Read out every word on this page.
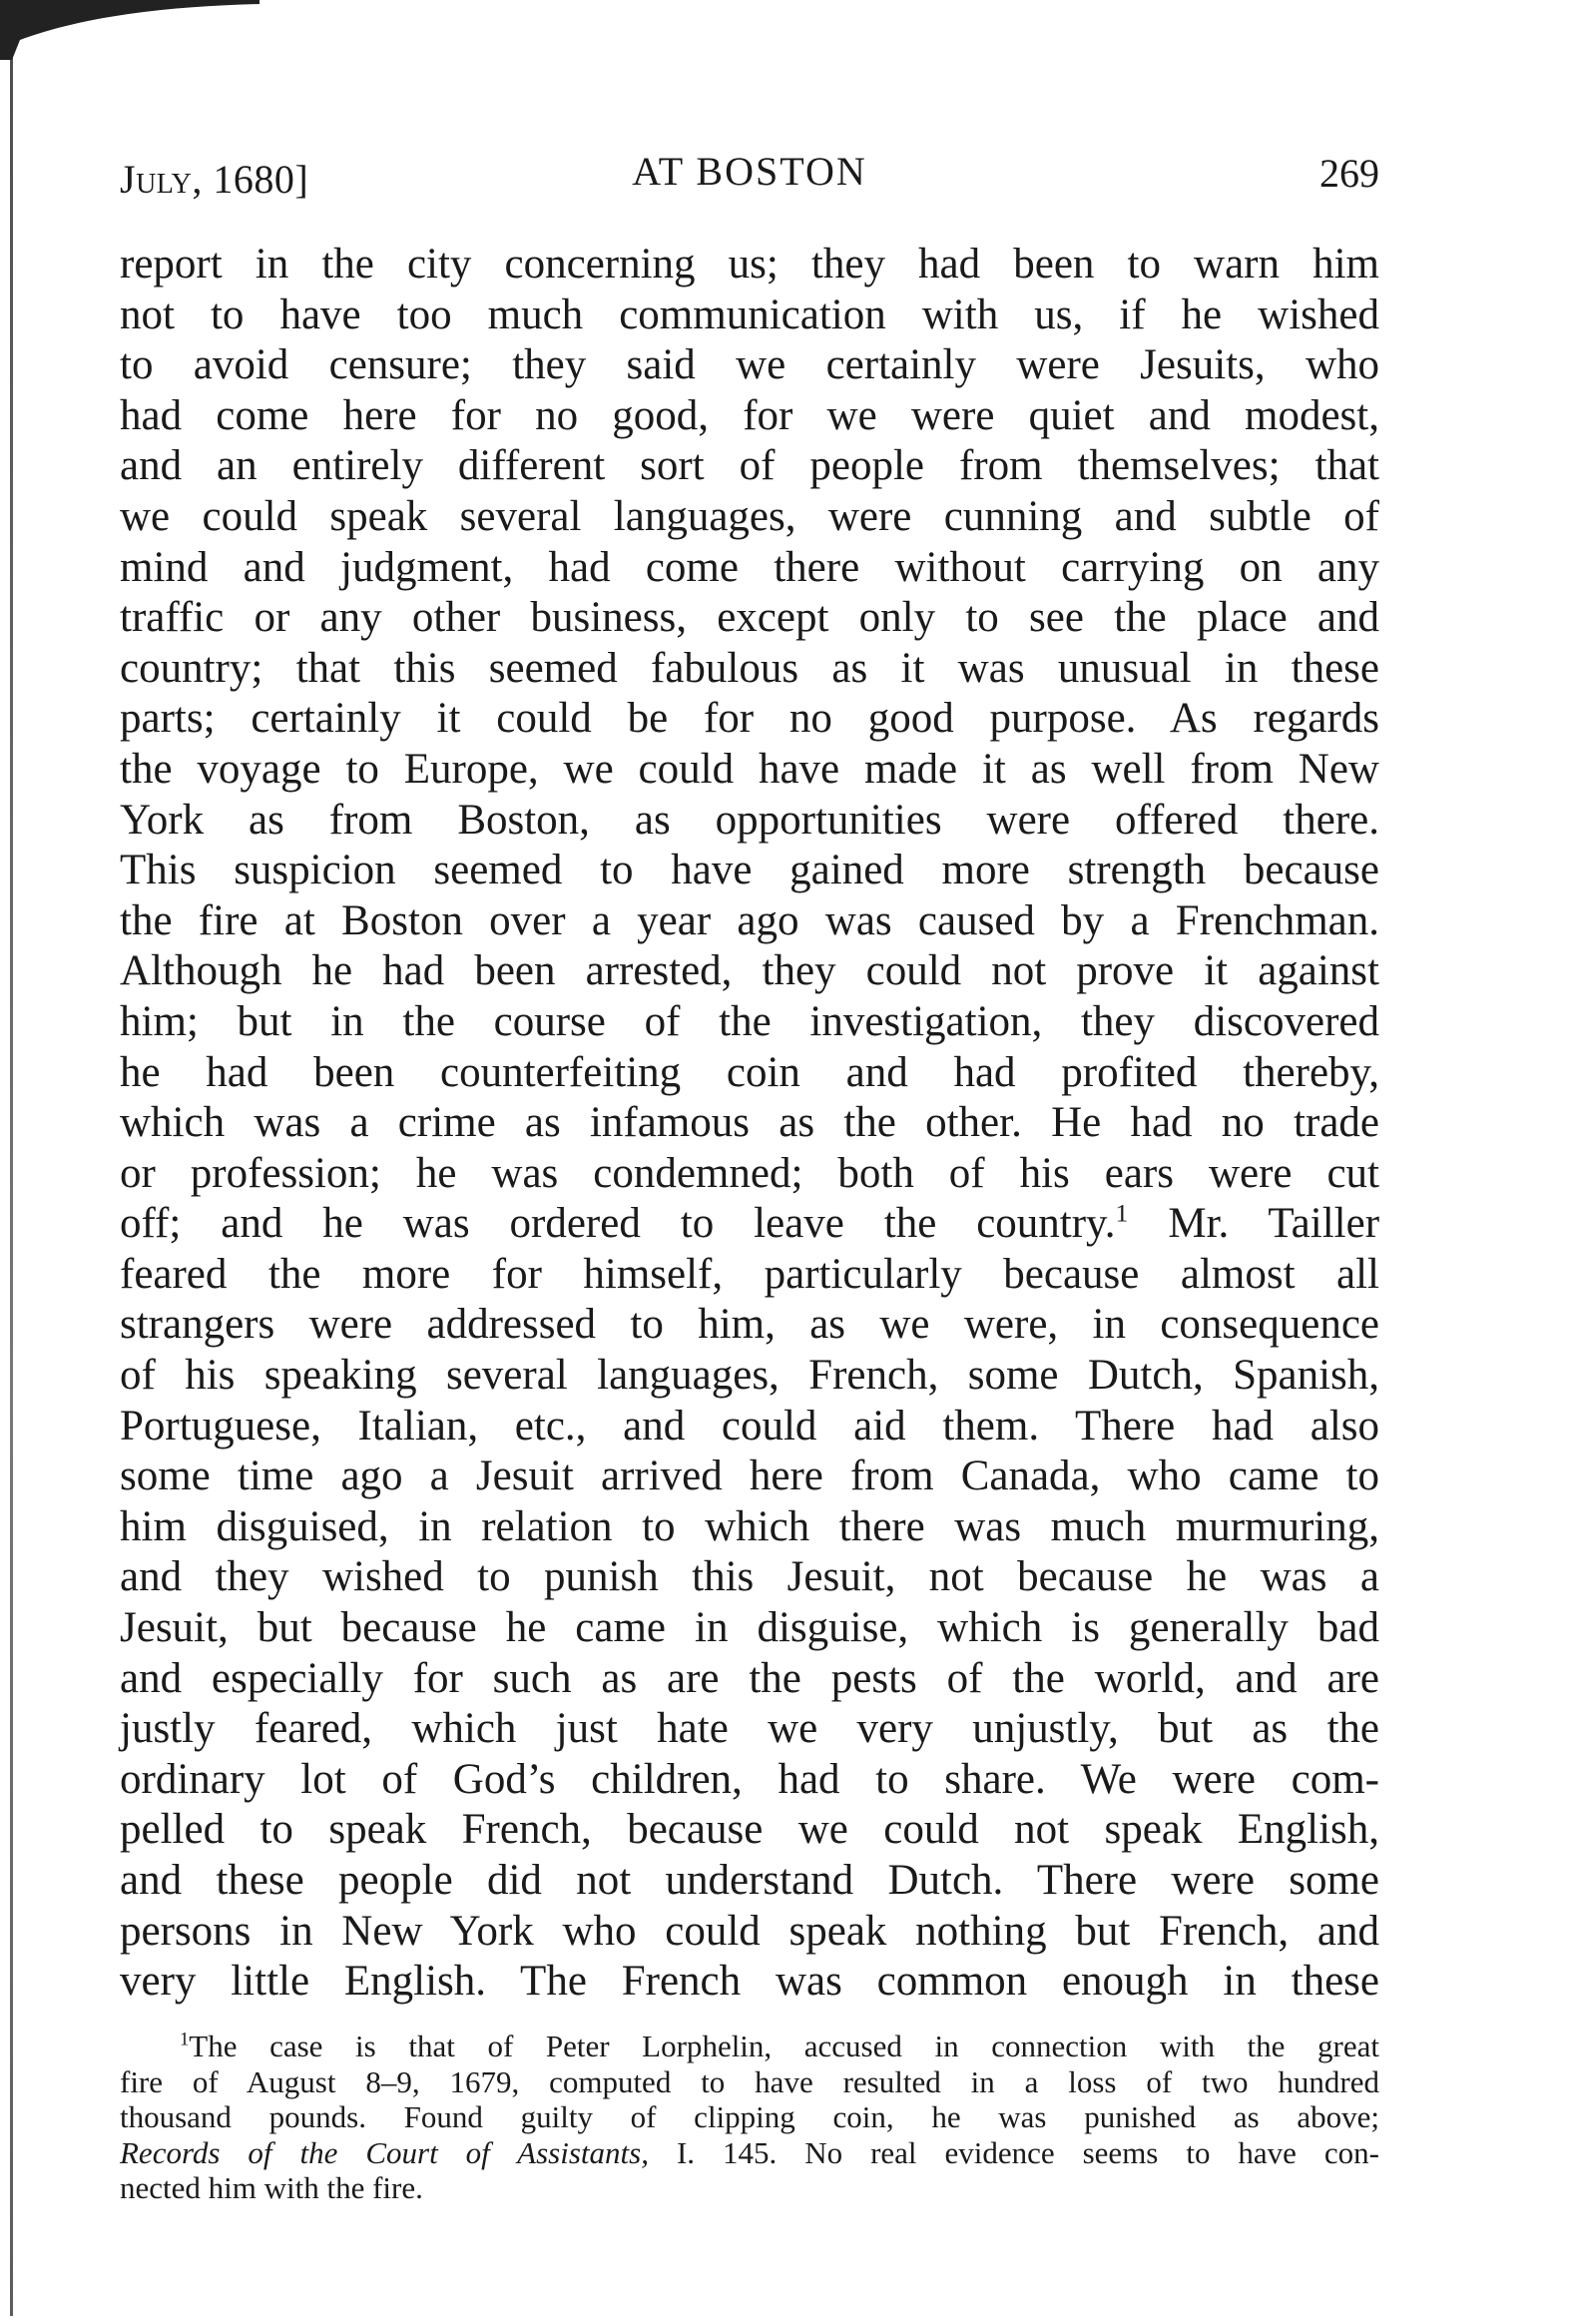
July, 1680]	AT BOSTON	269
report in the city concerning us; they had been to warn him
not to have too much communication with us, if he wished
to avoid censure; they said we certainly were Jesuits, who
had come here for no good, for we were quiet and modest,
and an entirely different sort of people from themselves; that
we could speak several languages, were cunning and subtle of
mind and judgment, had come there without carrying on any
traffic or any other business, except only to see the place and
country; that this seemed fabulous as it was unusual in these
parts; certainly it could be for no good purpose. As regards
the voyage to Europe, we could have made it as well from New
York as from Boston, as opportunities were offered there.
This suspicion seemed to have gained more strength because
the fire at Boston over a year ago was caused by a Frenchman.
Although he had been arrested, they could not prove it against
him; but in the course of the investigation, they discovered
he had been counterfeiting coin and had profited thereby,
which was a crime as infamous as the other. He had no trade
or profession; he was condemned; both of his ears were cut
off; and he was ordered to leave the country.$^1$ Mr. Tailler
feared the more for himself, particularly because almost all
strangers were addressed to him, as we were, in consequence
of his speaking several languages, French, some Dutch, Spanish,
Portuguese, Italian, etc., and could aid them. There had also
some time ago a Jesuit arrived here from Canada, who came to
him disguised, in relation to which there was much murmuring,
and they wished to punish this Jesuit, not because he was a
Jesuit, but because he came in disguise, which is generally bad
and especially for such as are the pests of the world, and are
justly feared, which just hate we very unjustly, but as the
ordinary lot of God’s children, had to share. We were com-
pelled to speak French, because we could not speak English,
and these people did not understand Dutch. There were some
persons in New York who could speak nothing but French, and
very little English. The French was common enough in these
$^1$The case is that of Peter Lorphelin, accused in connection with the great
fire of August 8–9, 1679, computed to have resulted in a loss of two hundred
thousand pounds. Found guilty of clipping coin, he was punished as above;
Records of the Court of Assistants, I. 145. No real evidence seems to have con-
nected him with the fire.
